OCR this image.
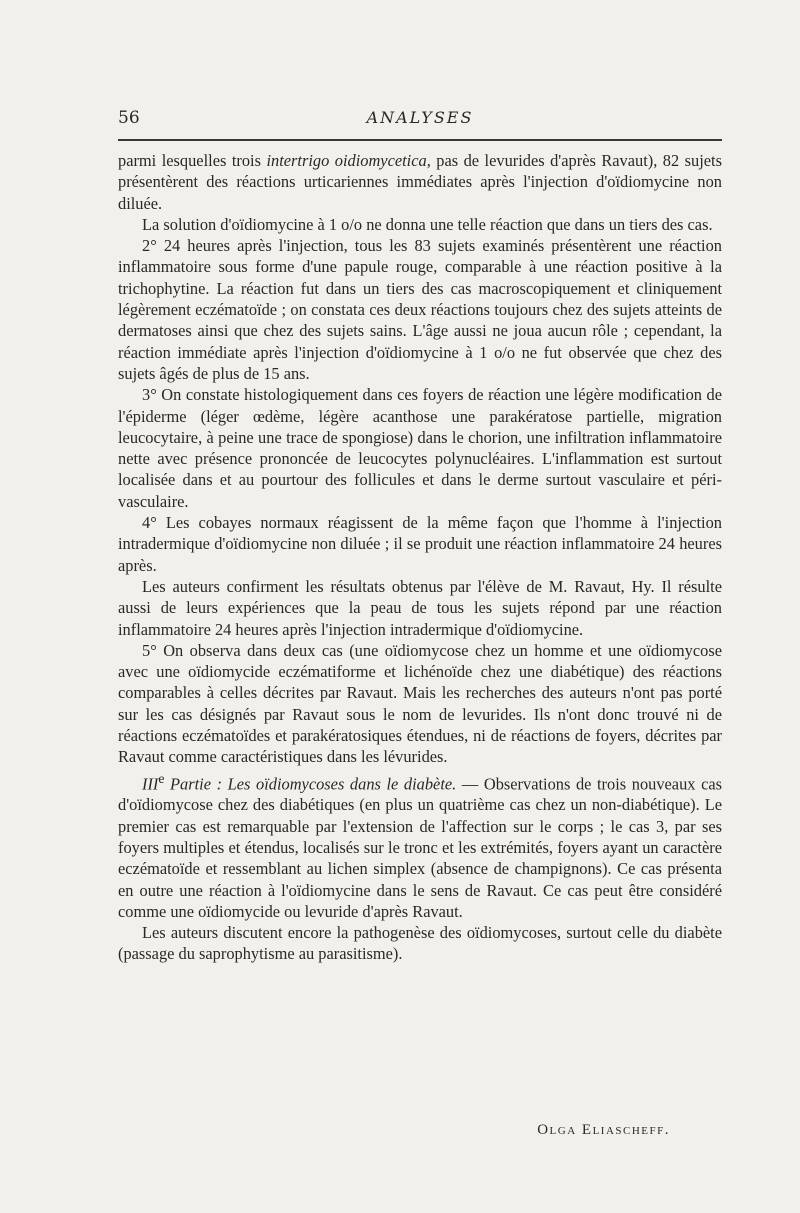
56	ANALYSES

parmi lesquelles trois intertrigo oidiomycetica, pas de levurides d'après Ravaut), 82 sujets présentèrent des réactions urticariennes immédiates après l'injection d'oïdiomycine non diluée.

La solution d'oïdiomycine à 1 o/o ne donna une telle réaction que dans un tiers des cas.

2° 24 heures après l'injection, tous les 83 sujets examinés présentèrent une réaction inflammatoire sous forme d'une papule rouge, comparable à une réaction positive à la trichophytine. La réaction fut dans un tiers des cas macroscopiquement et cliniquement légèrement eczématoïde ; on constata ces deux réactions toujours chez des sujets atteints de dermatoses ainsi que chez des sujets sains. L'âge aussi ne joua aucun rôle ; cependant, la réaction immédiate après l'injection d'oïdiomycine à 1 o/o ne fut observée que chez des sujets âgés de plus de 15 ans.

3° On constate histologiquement dans ces foyers de réaction une légère modification de l'épiderme (léger œdème, légère acanthose une parakératose partielle, migration leucocytaire, à peine une trace de spongiose) dans le chorion, une infiltration inflammatoire nette avec présence prononcée de leucocytes polynucléaires. L'inflammation est surtout localisée dans et au pourtour des follicules et dans le derme surtout vasculaire et péri-vasculaire.

4° Les cobayes normaux réagissent de la même façon que l'homme à l'injection intradermique d'oïdiomycine non diluée ; il se produit une réaction inflammatoire 24 heures après.

Les auteurs confirment les résultats obtenus par l'élève de M. Ravaut, Hy. Il résulte aussi de leurs expériences que la peau de tous les sujets répond par une réaction inflammatoire 24 heures après l'injection intradermique d'oïdiomycine.

5° On observa dans deux cas (une oïdiomycose chez un homme et une oïdiomycose avec une oïdiomycide eczématiforme et lichénoïde chez une diabétique) des réactions comparables à celles décrites par Ravaut. Mais les recherches des auteurs n'ont pas porté sur les cas désignés par Ravaut sous le nom de levurides. Ils n'ont donc trouvé ni de réactions eczématoïdes et parakératosiques étendues, ni de réactions de foyers, décrites par Ravaut comme caractéristiques dans les lévurides.

IIIe Partie : Les oïdiomycoses dans le diabète. — Observations de trois nouveaux cas d'oïdiomycose chez des diabétiques (en plus un quatrième cas chez un non-diabétique). Le premier cas est remarquable par l'extension de l'affection sur le corps ; le cas 3, par ses foyers multiples et étendus, localisés sur le tronc et les extrémités, foyers ayant un caractère eczématoïde et ressemblant au lichen simplex (absence de champignons). Ce cas présenta en outre une réaction à l'oïdiomycine dans le sens de Ravaut. Ce cas peut être considéré comme une oïdiomycide ou levuride d'après Ravaut.

Les auteurs discutent encore la pathogenèse des oïdiomycoses, surtout celle du diabète (passage du saprophytisme au parasitisme).

Olga Eliascheff.
